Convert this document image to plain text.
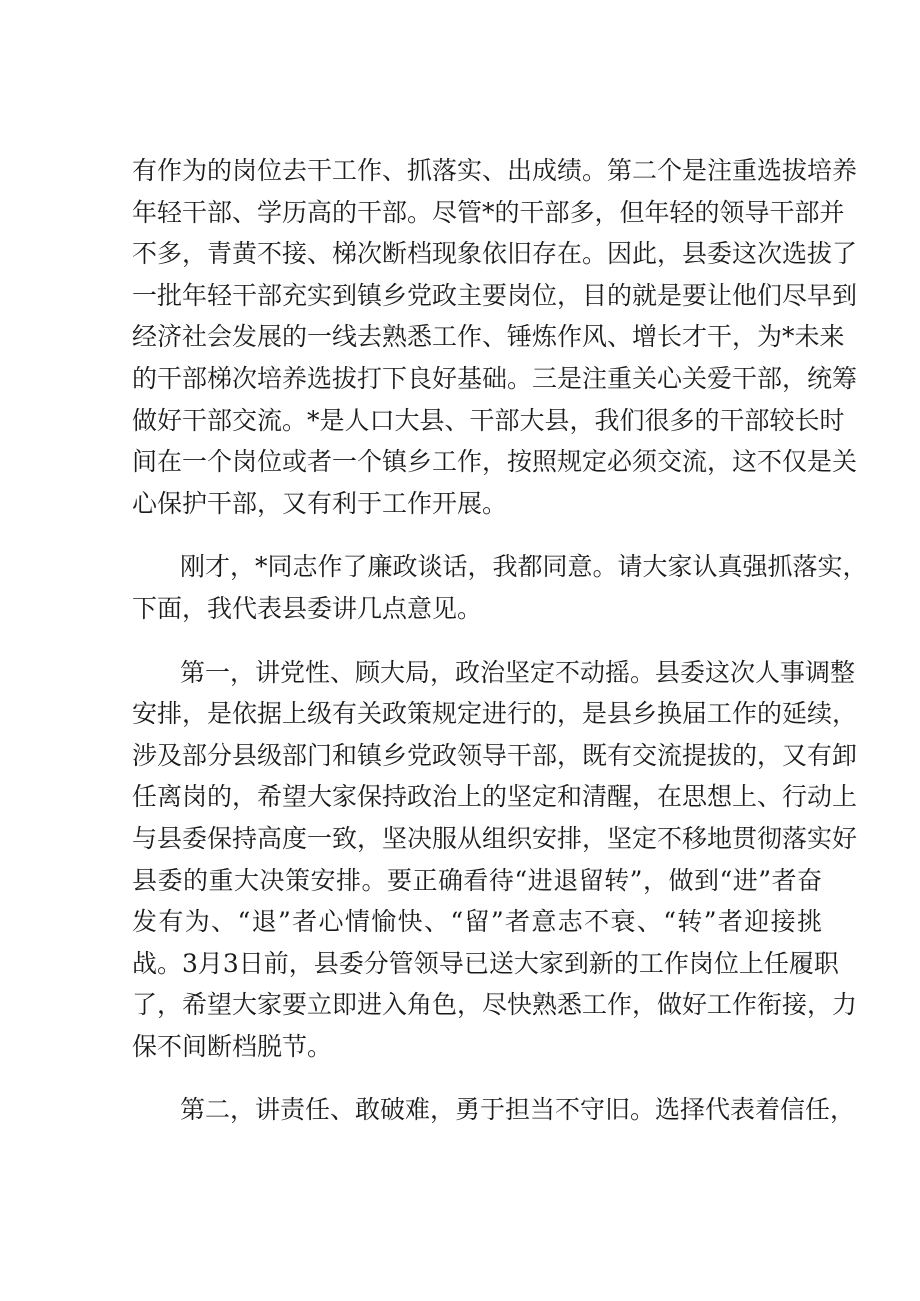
有作为的岗位去干工作、抓落实、出成绩。第二个是注重选拔培养
年轻干部、学历高的干部。尽管*的干部多，但年轻的领导干部并
不多，青黄不接、梯次断档现象依旧存在。因此，县委这次选拔了
一批年轻干部充实到镇乡党政主要岗位，目的就是要让他们尽早到
经济社会发展的一线去熟悉工作、锤炼作风、增长才干，为*未来
的干部梯次培养选拔打下良好基础。三是注重关心关爱干部，统筹
做好干部交流。*是人口大县、干部大县，我们很多的干部较长时
间在一个岗位或者一个镇乡工作，按照规定必须交流，这不仅是关
心保护干部，又有利于工作开展。
刚才，*同志作了廉政谈话，我都同意。请大家认真强抓落实，
下面，我代表县委讲几点意见。
第一，讲党性、顾大局，政治坚定不动摇。县委这次人事调整
安排，是依据上级有关政策规定进行的，是县乡换届工作的延续，
涉及部分县级部门和镇乡党政领导干部，既有交流提拔的，又有卸
任离岗的，希望大家保持政治上的坚定和清醒，在思想上、行动上
与县委保持高度一致，坚决服从组织安排，坚定不移地贯彻落实好
县委的重大决策安排。要正确看待“进退留转”，做到“进”者奋
发有为、“退”者心情愉快、“留”者意志不衰、“转”者迎接挑
战。3月3日前，县委分管领导已送大家到新的工作岗位上任履职
了，希望大家要立即进入角色，尽快熟悉工作，做好工作衔接，力
保不间断档脱节。
第二，讲责任、敢破难，勇于担当不守旧。选择代表着信任，
